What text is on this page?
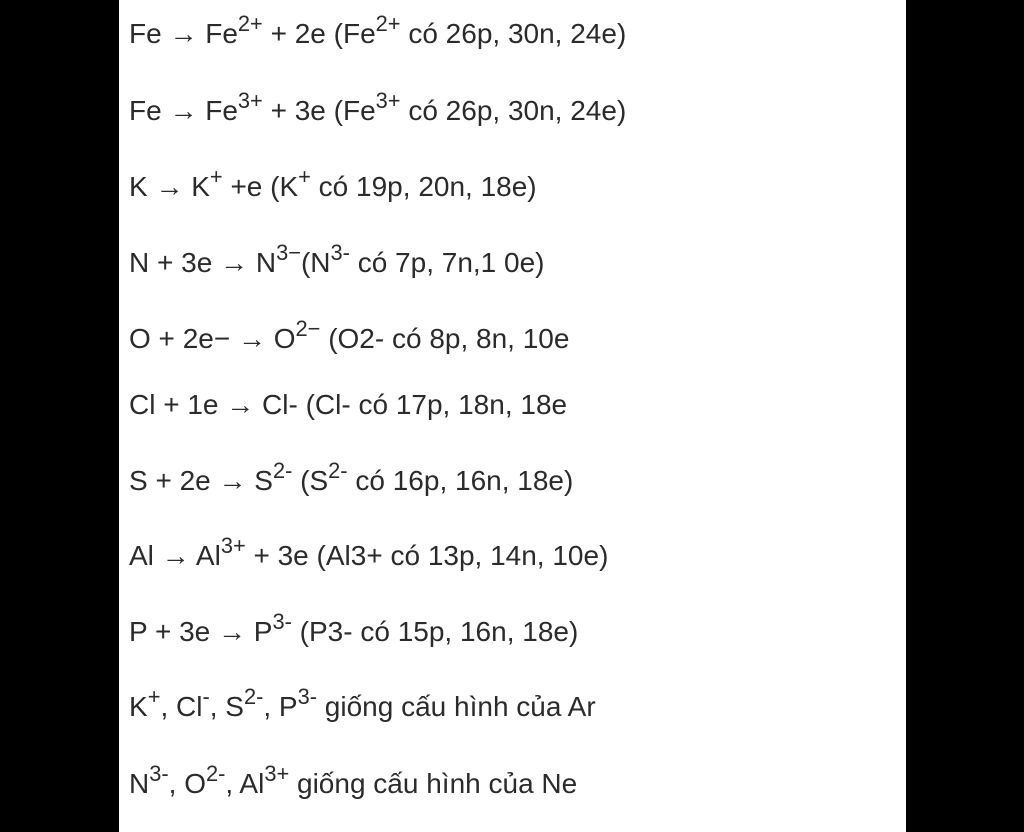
$Fe \to Fe^{2+} + 2e$ ($Fe^{2+}$ có 26p, 30n, 24e)
$Fe \to Fe^{3+} + 3e$ ($Fe^{3+}$ có 26p, 30n, 24e)
K → K+ +e (K+ có 19p, 20n, 18e)
$N + 3e \to N^{3-}(N^{3-}$ có 7p, 7n,1 0e)
$O + 2e- \to O^{2-}$ (O2- có 8p, 8n, 10e
Cl + 1e → Cl- (Cl- có 17p, 18n, 18e
$S + 2e \to S^{2-}$ ($S^{2-}$ có 16p, 16n, 18e)
$Al \to Al^{3+} + 3e$ (Al3+ có 13p, 14n, 10e)
$P + 3e \to P^{3-}$ (P3- có 15p, 16n, 18e)
K+, Cl-, $S^{2-}$, $P^{3-}$ giống cấu hình của Ar
$N^{3-}$, $O^{2-}$, $Al^{3+}$ giống cấu hình của Ne
